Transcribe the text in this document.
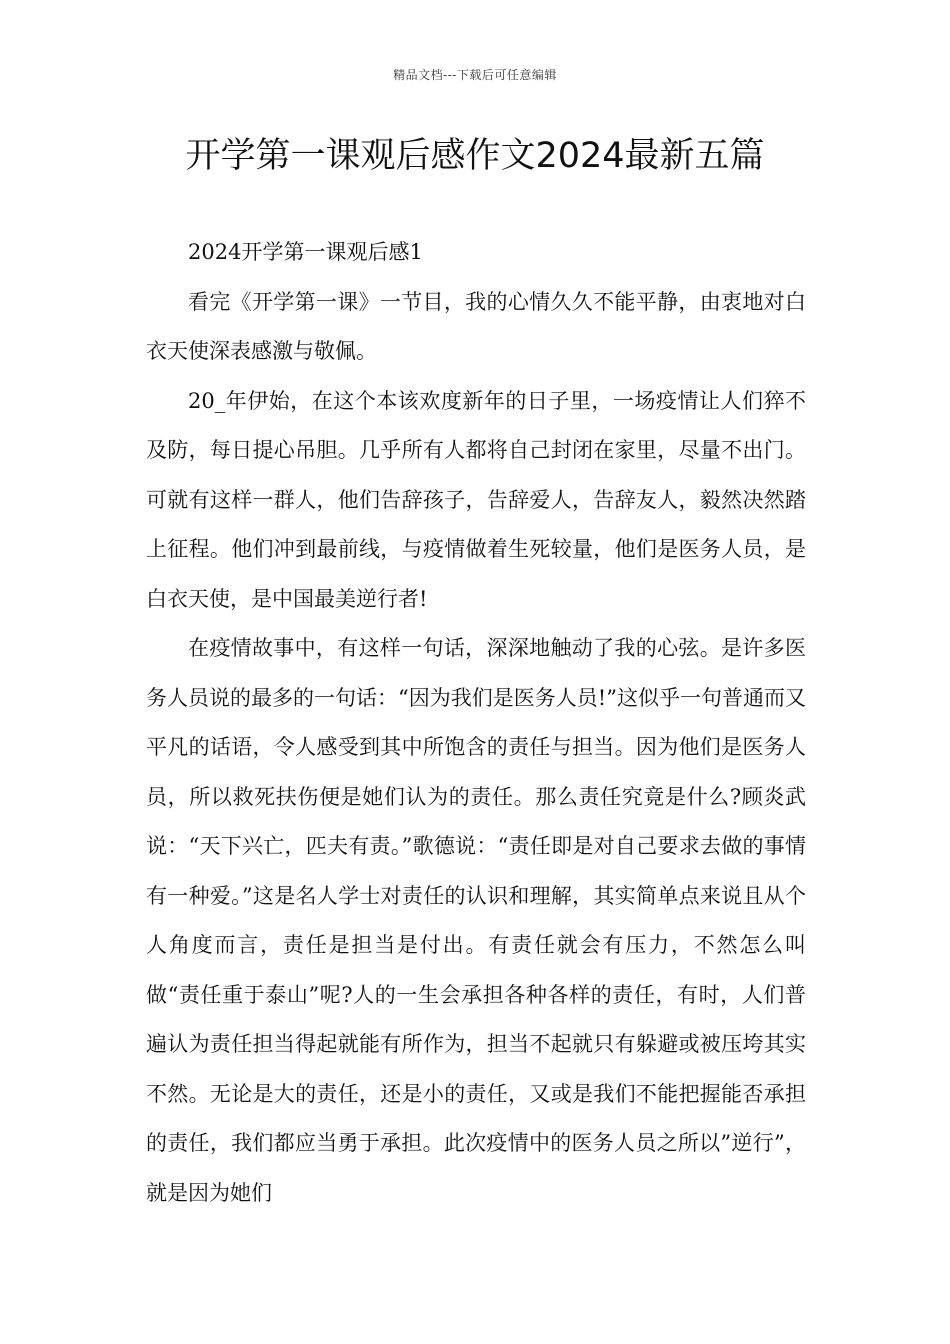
精品文档---下载后可任意编辑
开学第一课观后感作文2024最新五篇

2024开学第一课观后感1

看完《开学第一课》一节目，我的心情久久不能平静，由衷地对白衣天使深表感激与敬佩。

20_年伊始，在这个本该欢度新年的日子里，一场疫情让人们猝不及防，每日提心吊胆。几乎所有人都将自己封闭在家里，尽量不出门。可就有这样一群人，他们告辞孩子，告辞爱人，告辞友人，毅然决然踏上征程。他们冲到最前线，与疫情做着生死较量，他们是医务人员，是白衣天使，是中国最美逆行者!

在疫情故事中，有这样一句话，深深地触动了我的心弦。是许多医务人员说的最多的一句话：“因为我们是医务人员!”这似乎一句普通而又平凡的话语，令人感受到其中所饱含的责任与担当。因为他们是医务人员，所以救死扶伤便是她们认为的责任。那么责任究竟是什么?顾炎武说：“天下兴亡，匹夫有责。”歌德说：“责任即是对自己要求去做的事情有一种爱。”这是名人学士对责任的认识和理解，其实简单点来说且从个人角度而言，责任是担当是付出。有责任就会有压力，不然怎么叫做“责任重于泰山”呢?人的一生会承担各种各样的责任，有时，人们普遍认为责任担当得起就能有所作为，担当不起就只有躲避或被压垮其实不然。无论是大的责任，还是小的责任，又或是我们不能把握能否承担的责任，我们都应当勇于承担。此次疫情中的医务人员之所以”逆行”，就是因为她们
